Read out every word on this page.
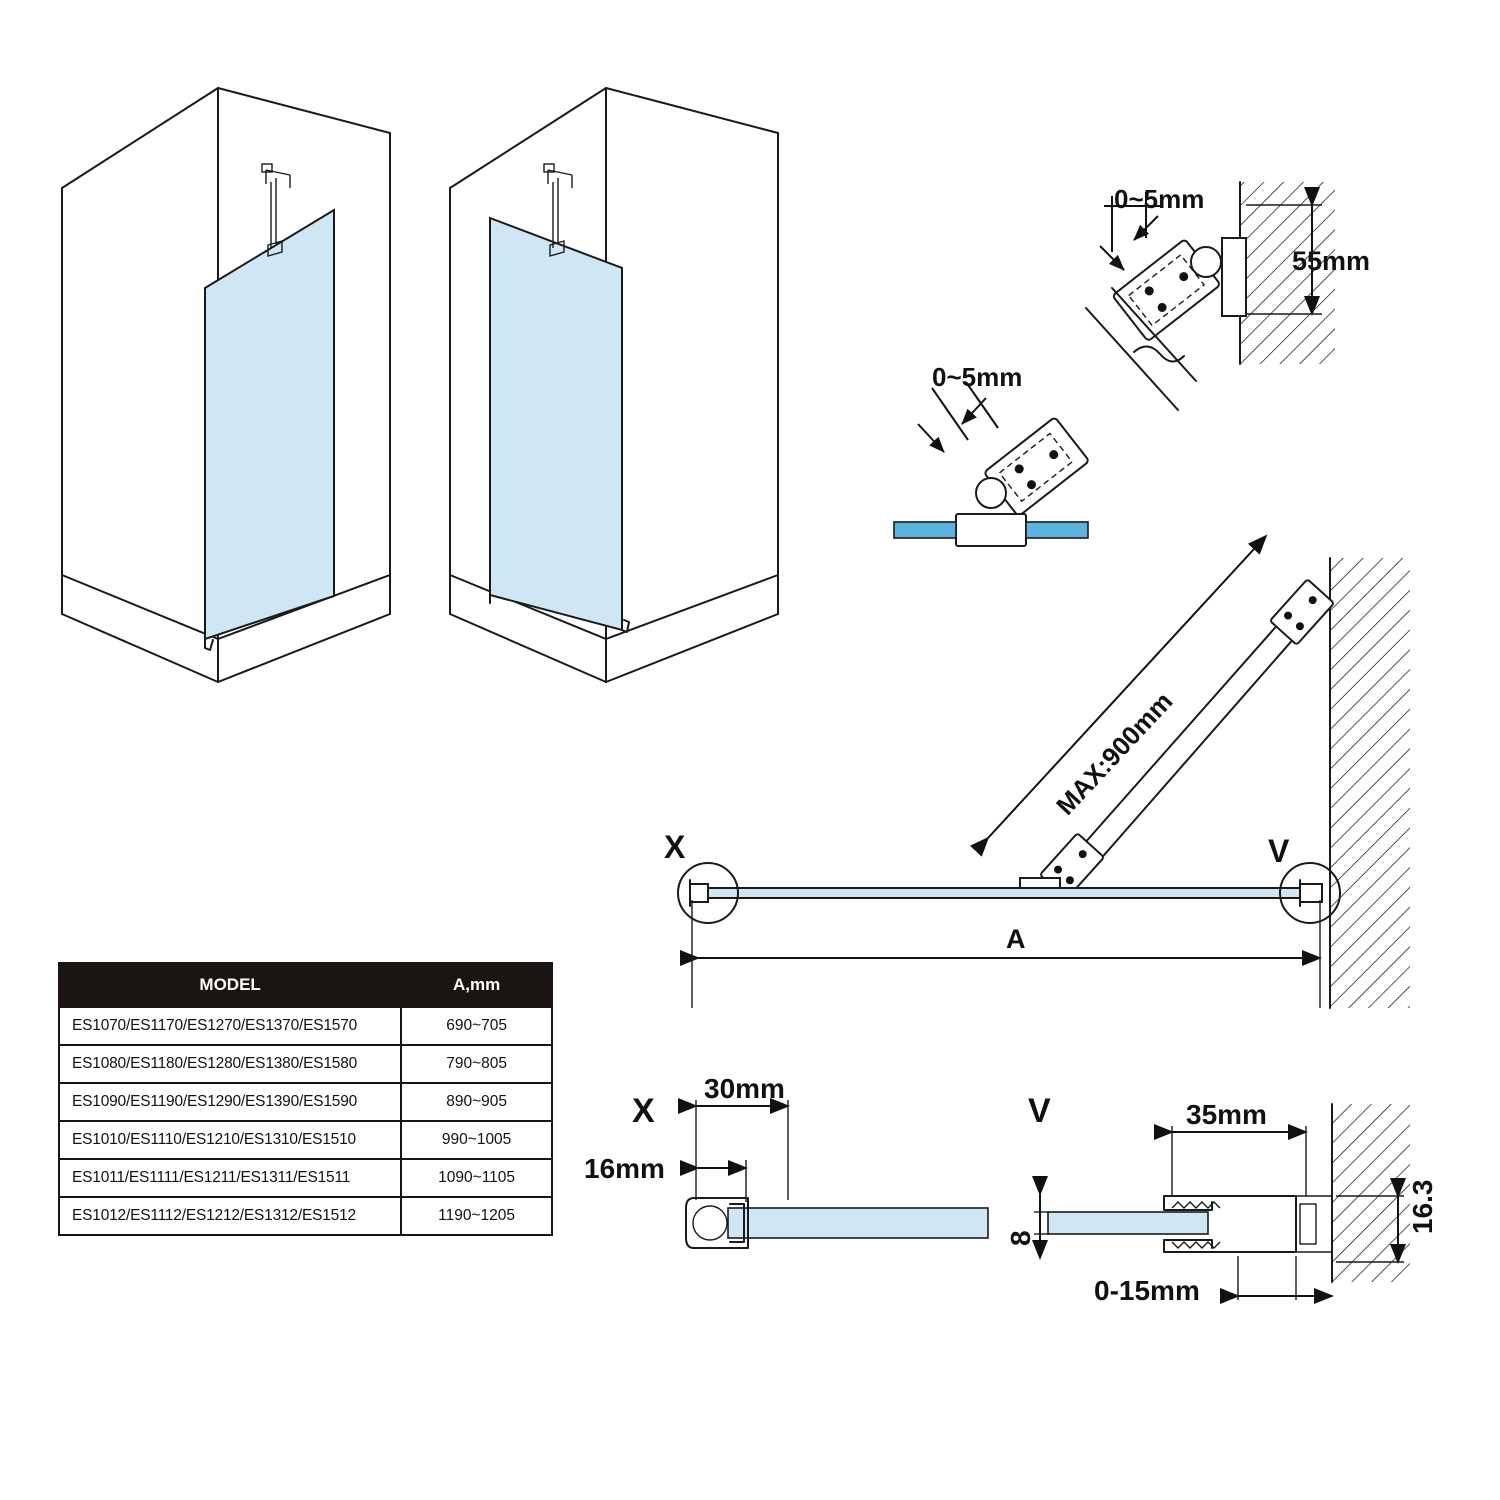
0~5mm
0~5mm
55mm
MAX:900mm
A
X	V
X
30mm
16mm
V	35mm
8
16.3
0-15mm
MODEL	A,mm
ES1070/ES1170/ES1270/ES1370/ES1570	690~705
ES1080/ES1180/ES1280/ES1380/ES1580	790~805
ES1090/ES1190/ES1290/ES1390/ES1590	890~905
ES1010/ES1110/ES1210/ES1310/ES1510	990~1005
ES1011/ES1111/ES1211/ES1311/ES1511	1090~1105
ES1012/ES1112/ES1212/ES1312/ES1512	1190~1205
